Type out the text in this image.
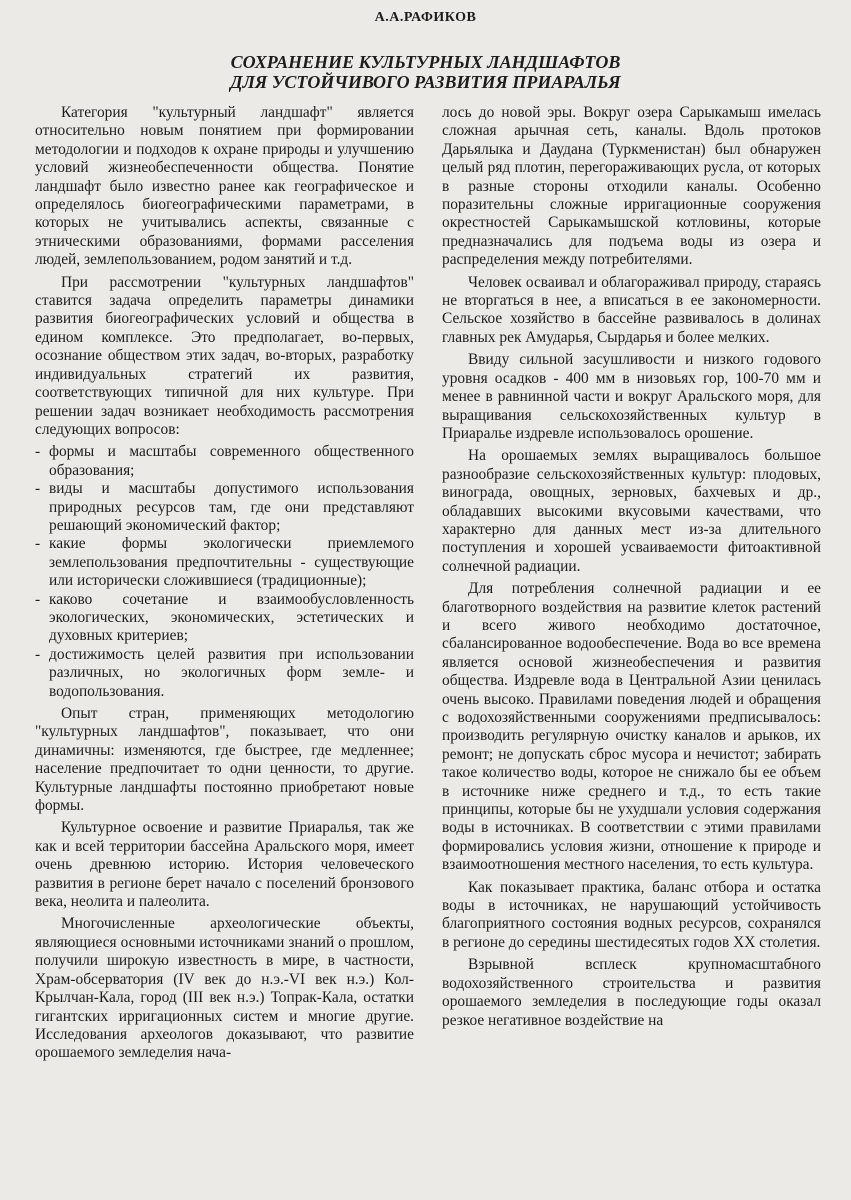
А.А.РАФИКОВ
СОХРАНЕНИЕ КУЛЬТУРНЫХ ЛАНДШАФТОВ
ДЛЯ УСТОЙЧИВОГО РАЗВИТИЯ ПРИАРАЛЬЯ

Категория "культурный ландшафт" является относительно новым понятием при формировании методологии и подходов к охране природы и улучшению условий жизнеобеспеченности общества. Понятие ландшафт было известно ранее как географическое и определялось биогеографическими параметрами, в которых не учитывались аспекты, связанные с этническими образованиями, формами расселения людей, землепользованием, родом занятий и т.д.

При рассмотрении "культурных ландшафтов" ставится задача определить параметры динамики развития биогеографических условий и общества в едином комплексе. Это предполагает, во-первых, осознание обществом этих задач, во-вторых, разработку индивидуальных стратегий их развития, соответствующих типичной для них культуре. При решении задач возникает необходимость рассмотрения следующих вопросов:

- формы и масштабы современного общественного образования;
- виды и масштабы допустимого использования природных ресурсов там, где они представляют решающий экономический фактор;
- какие формы экологически приемлемого землепользования предпочтительны - существующие или исторически сложившиеся (традиционные);
- каково сочетание и взаимообусловленность экологических, экономических, эстетических и духовных критериев;
- достижимость целей развития при использовании различных, но экологичных форм земле- и водопользования.

Опыт стран, применяющих методологию "культурных ландшафтов", показывает, что они динамичны: изменяются, где быстрее, где медленнее; население предпочитает то одни ценности, то другие. Культурные ландшафты постоянно приобретают новые формы.

Культурное освоение и развитие Приаралья, так же как и всей территории бассейна Аральского моря, имеет очень древнюю историю. История человеческого развития в регионе берет начало с поселений бронзового века, неолита и палеолита.

Многочисленные археологические объекты, являющиеся основными источниками знаний о прошлом, получили широкую известность в мире, в частности, Храм-обсерватория (IV век до н.э.-VI век н.э.) Кол-Крылчан-Кала, город (III век н.э.) Топрак-Кала, остатки гигантских ирригационных систем и многие другие. Исследования археологов доказывают, что развитие орошаемого земледелия нача-

лось до новой эры. Вокруг озера Сарыкамыш имелась сложная арычная сеть, каналы. Вдоль протоков Дарьялыка и Даудана (Туркменистан) был обнаружен целый ряд плотин, перегораживающих русла, от которых в разные стороны отходили каналы. Особенно поразительны сложные ирригационные сооружения окрестностей Сарыкамышской котловины, которые предназначались для подъема воды из озера и распределения между потребителями.

Человек осваивал и облагораживал природу, стараясь не вторгаться в нее, а вписаться в ее закономерности. Сельское хозяйство в бассейне развивалось в долинах главных рек Амударья, Сырдарья и более мелких.

Ввиду сильной засушливости и низкого годового уровня осадков - 400 мм в низовьях гор, 100-70 мм и менее в равнинной части и вокруг Аральского моря, для выращивания сельскохозяйственных культур в Приаралье издревле использовалось орошение.

На орошаемых землях выращивалось большое разнообразие сельскохозяйственных культур: плодовых, винограда, овощных, зерновых, бахчевых и др., обладавших высокими вкусовыми качествами, что характерно для данных мест из-за длительного поступления и хорошей усваиваемости фитоактивной солнечной радиации.

Для потребления солнечной радиации и ее благотворного воздействия на развитие клеток растений и всего живого необходимо достаточное, сбалансированное водообеспечение. Вода во все времена является основой жизнеобеспечения и развития общества. Издревле вода в Центральной Азии ценилась очень высоко. Правилами поведения людей и обращения с водохозяйственными сооружениями предписывалось: производить регулярную очистку каналов и арыков, их ремонт; не допускать сброс мусора и нечистот; забирать такое количество воды, которое не снижало бы ее объем в источнике ниже среднего и т.д., то есть такие принципы, которые бы не ухудшали условия содержания воды в источниках. В соответствии с этими правилами формировались условия жизни, отношение к природе и взаимоотношения местного населения, то есть культура.

Как показывает практика, баланс отбора и остатка воды в источниках, не нарушающий устойчивость благоприятного состояния водных ресурсов, сохранялся в регионе до середины шестидесятых годов XX столетия.

Взрывной всплеск крупномасштабного водохозяйственного строительства и развития орошаемого земледелия в последующие годы оказал резкое негативное воздействие на
